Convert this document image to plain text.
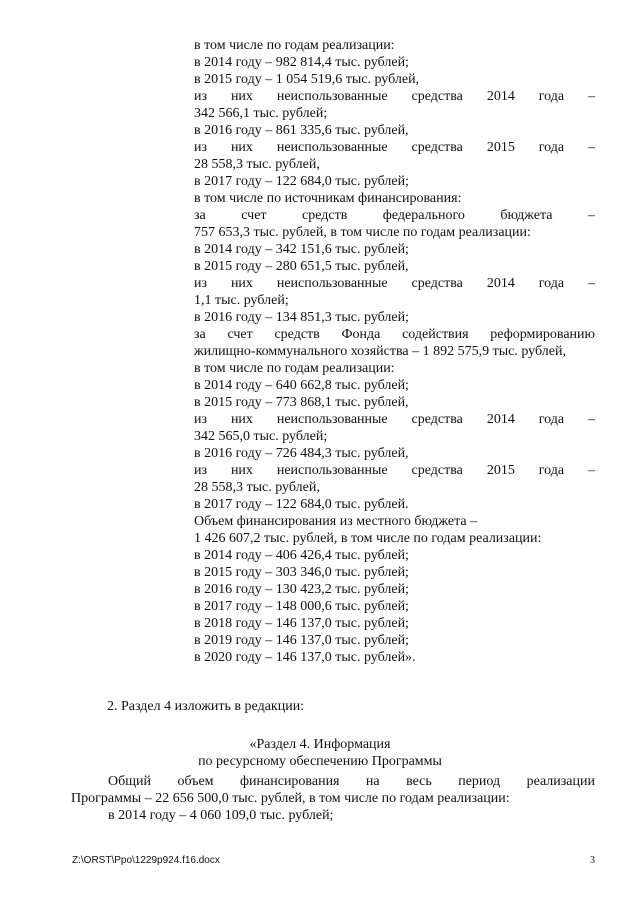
в том числе по годам реализации:
в 2014 году – 982 814,4 тыс. рублей;
в 2015 году – 1 054 519,6 тыс. рублей,
из них неиспользованные средства 2014 года –
342 566,1 тыс. рублей;
в 2016 году – 861 335,6 тыс. рублей,
из них неиспользованные средства 2015 года –
28 558,3 тыс. рублей,
в 2017 году – 122 684,0 тыс. рублей;
в том числе по источникам финансирования:
за счет средств федерального бюджета –
757 653,3 тыс. рублей, в том числе по годам реализации:
в 2014 году – 342 151,6 тыс. рублей;
в 2015 году – 280 651,5 тыс. рублей,
из них неиспользованные средства 2014 года –
1,1 тыс. рублей;
в 2016 году – 134 851,3 тыс. рублей;
за счет средств Фонда содействия реформированию
жилищно-коммунального хозяйства – 1 892 575,9 тыс. рублей,
в том числе по годам реализации:
в 2014 году – 640 662,8 тыс. рублей;
в 2015 году – 773 868,1 тыс. рублей,
из них неиспользованные средства 2014 года –
342 565,0 тыс. рублей;
в 2016 году – 726 484,3 тыс. рублей,
из них неиспользованные средства 2015 года –
28 558,3 тыс. рублей,
в 2017 году – 122 684,0 тыс. рублей.
Объем финансирования из местного бюджета –
1 426 607,2 тыс. рублей, в том числе по годам реализации:
в 2014 году – 406 426,4 тыс. рублей;
в 2015 году – 303 346,0 тыс. рублей;
в 2016 году – 130 423,2 тыс. рублей;
в 2017 году – 148 000,6 тыс. рублей;
в 2018 году – 146 137,0 тыс. рублей;
в 2019 году – 146 137,0 тыс. рублей;
в 2020 году – 146 137,0 тыс. рублей».
2. Раздел 4 изложить в редакции:
«Раздел 4. Информация
по ресурсному обеспечению Программы
Общий объем финансирования на весь период реализации
Программы – 22 656 500,0 тыс. рублей, в том числе по годам реализации:
в 2014 году – 4 060 109,0 тыс. рублей;
Z:\ORST\Ppo\1229p924.f16.docx	3
